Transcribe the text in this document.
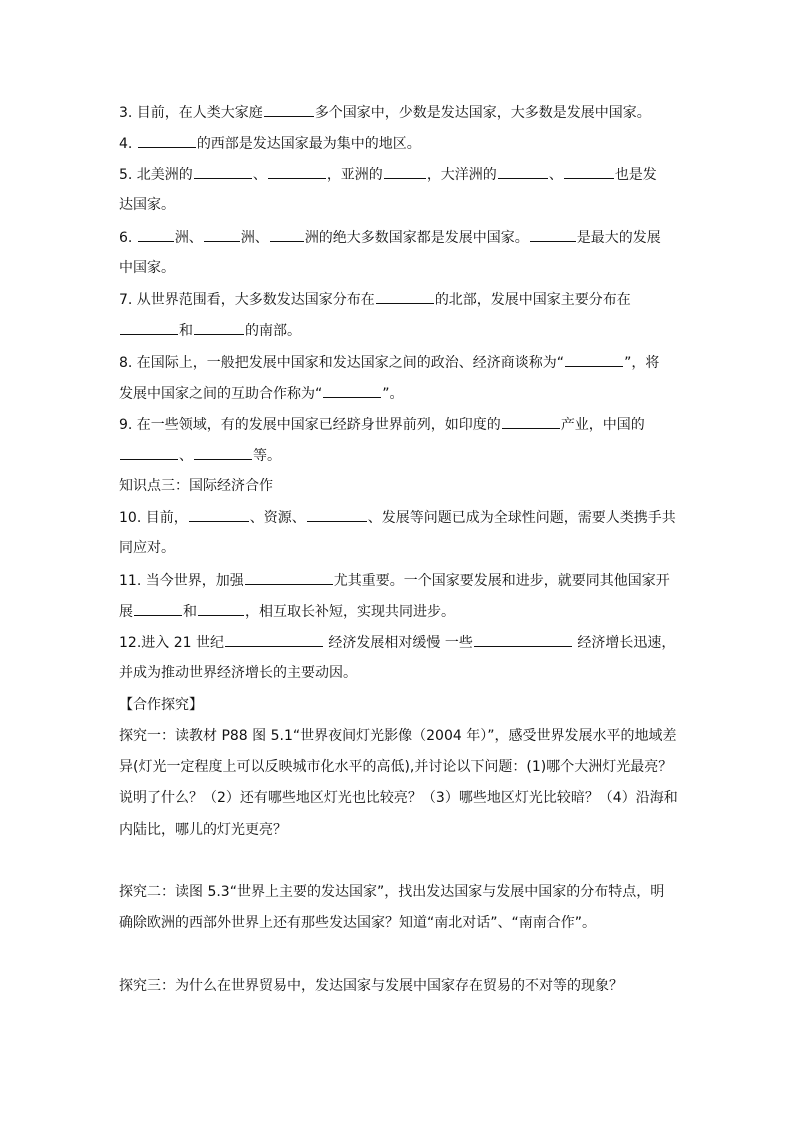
3. 目前，在人类大家庭	多个国家中，少数是发达国家，大多数是发展中国家。
4.	的西部是发达国家最为集中的地区。
5. 北美洲的	、	，亚洲的	，大洋洲的	、	也是发
达国家。
6.	洲、	洲、	洲的绝大多数国家都是发展中国家。	是最大的发展
中国家。
7. 从世界范围看，大多数发达国家分布在	的北部，发展中国家主要分布在
和	的南部。
8. 在国际上，一般把发展中国家和发达国家之间的政治、经济商谈称为“	”，将
发展中国家之间的互助合作称为“	”。
9. 在一些领域，有的发展中国家已经跻身世界前列，如印度的	产业，中国的
、	等。
知识点三：国际经济合作
10. 目前，	、资源、	、发展等问题已成为全球性问题，需要人类携手共
同应对。
11. 当今世界，加强	尤其重要。一个国家要发展和进步，就要同其他国家开
展	和	，相互取长补短，实现共同进步。
12.进入 21 世纪	经济发展相对缓慢 一些	经济增长迅速，
并成为推动世界经济增长的主要动因。
【合作探究】
探究一：读教材 P88 图 5.1“世界夜间灯光影像（2004 年）”，感受世界发展水平的地域差
异(灯光一定程度上可以反映城市化水平的高低),并讨论以下问题：(1)哪个大洲灯光最亮？
说明了什么？（2）还有哪些地区灯光也比较亮？（3）哪些地区灯光比较暗？（4）沿海和
内陆比，哪儿的灯光更亮？
探究二：读图 5.3“世界上主要的发达国家”，找出发达国家与发展中国家的分布特点，明
确除欧洲的西部外世界上还有那些发达国家？知道“南北对话”、“南南合作”。
探究三：为什么在世界贸易中，发达国家与发展中国家存在贸易的不对等的现象？
